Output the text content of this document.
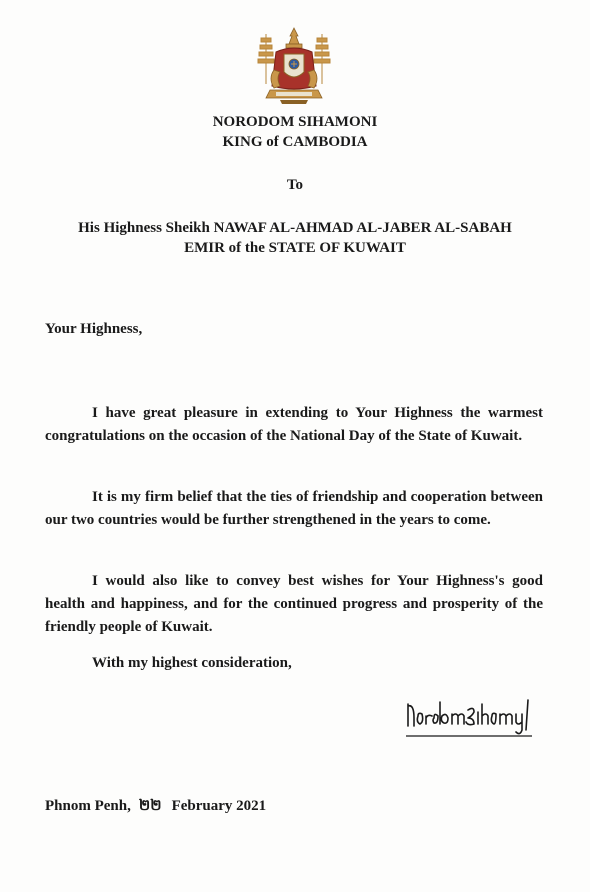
NORODOM SIHAMONI
KING of CAMBODIA
To
His Highness Sheikh NAWAF AL-AHMAD AL-JABER AL-SABAH
EMIR of the STATE OF KUWAIT
Your Highness,
I have great pleasure in extending to Your Highness the warmest congratulations on the occasion of the National Day of the State of Kuwait.
It is my firm belief that the ties of friendship and cooperation between our two countries would be further strengthened in the years to come.
I would also like to convey best wishes for Your Highness's good health and happiness, and for the continued progress and prosperity of the friendly people of Kuwait.
With my highest consideration,
Phnom Penh, ២២ February 2021
